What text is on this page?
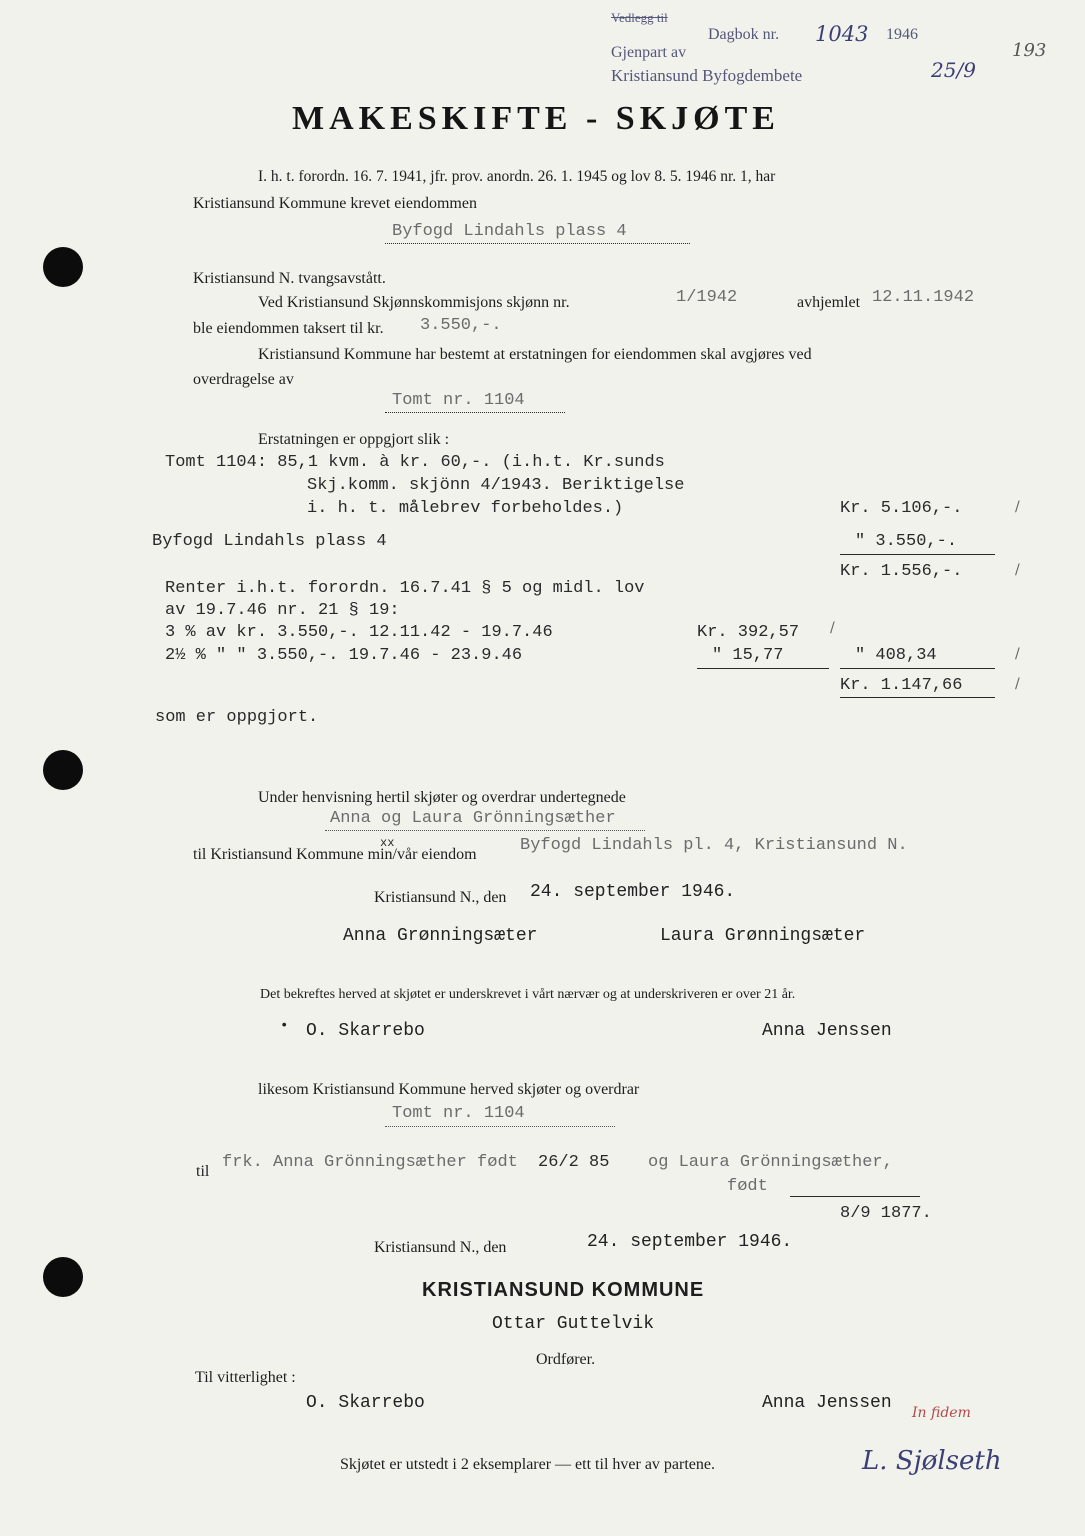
Vedlegg til
Dagbok nr. 1043 1946
Gjenpart av
Kristiansund Byfogdembete	25/9
193
MAKESKIFTE - SKJØTE
I. h. t. forordn. 16. 7. 1941, jfr. prov. anordn. 26. 1. 1945 og lov 8. 5. 1946 nr. 1, har
Kristiansund Kommune krevet eiendommen
Byfogd Lindahls plass 4
Kristiansund N. tvangsavstått.
Ved Kristiansund Skjønnskommisjons skjønn nr.	1/1942	avhjemlet 12.11.1942
ble eiendommen taksert til kr. 3.550,-.
Kristiansund Kommune har bestemt at erstatningen for eiendommen skal avgjøres ved
overdragelse av
Tomt nr. 1104
Erstatningen er oppgjort slik :
Tomt 1104: 85,1 kvm. à kr. 60,-. (i.h.t. Kr.sunds
Skj.komm. skjönn 4/1943. Beriktigelse
i. h. t. målebrev forbeholdes.)	Kr. 5.106,-.	/
Byfogd Lindahls plass 4	" 3.550,-.
Kr. 1.556,-.	/
Renter i.h.t. forordn. 16.7.41 § 5 og midl. lov
av 19.7.46 nr. 21 § 19:
3 % av kr. 3.550,-. 12.11.42 - 19.7.46	Kr. 392,57 /
2½ % " " 3.550,-. 19.7.46 - 23.9.46	" 15,77	" 408,34	/
Kr. 1.147,66	/
som er oppgjort.
Under henvisning hertil skjøter og overdrar undertegnede
Anna og Laura Grönningsæther
til Kristiansund Kommune min/vår eiendom
xx	Byfogd Lindahls pl. 4, Kristiansund N.
Kristiansund N., den 24. september 1946.
Anna Grønningsæter	Laura Grønningsæter
Det bekreftes herved at skjøtet er underskrevet i vårt nærvær og at underskriveren er over 21 år.
• O. Skarrebo	Anna Jenssen
likesom Kristiansund Kommune herved skjøter og overdrar
Tomt nr. 1104
til frk. Anna Grönningsæther født 26/2 85 og Laura Grönningsæther,
født
8/9 1877.
Kristiansund N., den	24. september 1946.
KRISTIANSUND KOMMUNE
Ottar Guttelvik
Ordfører.
Til vitterlighet :
O. Skarrebo	Anna Jenssen In fidem
Skjøtet er utstedt i 2 eksemplarer — ett til hver av partene.	L. Sjølseth
